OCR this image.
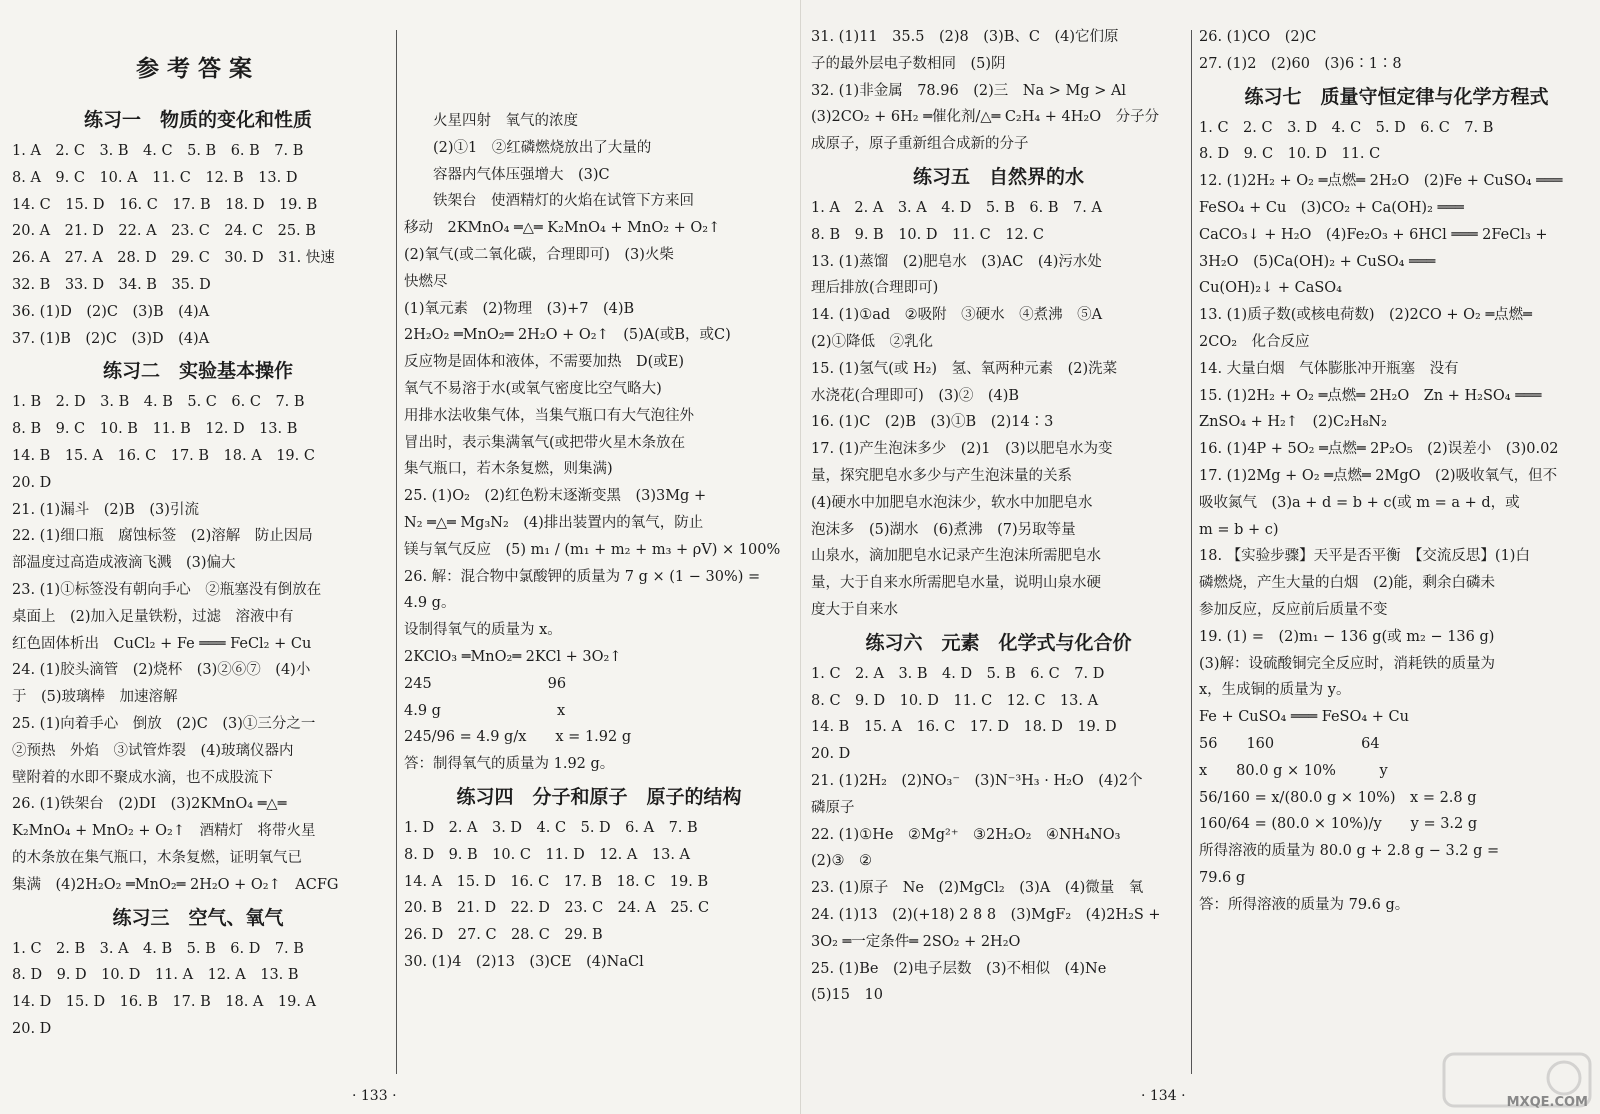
参考答案
练习一　物质的变化和性质
1. A　2. C　3. B　4. C　5. B　6. B　7. B
8. A　9. C　10. A　11. C　12. B　13. D
14. C　15. D　16. C　17. B　18. D　19. B
20. A　21. D　22. A　23. C　24. C　25. B
26. A　27. A　28. D　29. C　30. D　31. 快速
32. B　33. D　34. B　35. D
36. (1)D　(2)C　(3)B　(4)A
37. (1)B　(2)C　(3)D　(4)A
练习二　实验基本操作
1. B　2. D　3. B　4. B　5. C　6. C　7. B
8. B　9. C　10. B　11. B　12. D　13. B
14. B　15. A　16. C　17. B　18. A　19. C
20. D
21. (1)漏斗　(2)B　(3)引流
22. (1)细口瓶　腐蚀标签　(2)溶解　防止因局
部温度过高造成液滴飞溅　(3)偏大
23. (1)①标签没有朝向手心　②瓶塞没有倒放在
桌面上　(2)加入足量铁粉，过滤　溶液中有
红色固体析出　CuCl₂ + Fe ═══ FeCl₂ + Cu
24. (1)胶头滴管　(2)烧杯　(3)②⑥⑦　(4)小
于　(5)玻璃棒　加速溶解
25. (1)向着手心　倒放　(2)C　(3)①三分之一
②预热　外焰　③试管炸裂　(4)玻璃仪器内
壁附着的水即不聚成水滴，也不成股流下
26. (1)铁架台　(2)DI　(3)2KMnO₄ ═△═
K₂MnO₄ + MnO₂ + O₂↑　酒精灯　将带火星
的木条放在集气瓶口，木条复燃，证明氧气已
集满　(4)2H₂O₂ ═MnO₂═ 2H₂O + O₂↑　ACFG
练习三　空气、氧气
1. C　2. B　3. A　4. B　5. B　6. D　7. B
8. D　9. D　10. D　11. A　12. A　13. B
14. D　15. D　16. B　17. B　18. A　19. A
20. D
　　火星四射　氧气的浓度
　　(2)①1　②红磷燃烧放出了大量的
　　容器内气体压强增大　(3)C
　　铁架台　使酒精灯的火焰在试管下方来回
移动　2KMnO₄ ═△═ K₂MnO₄ + MnO₂ + O₂↑
(2)氧气(或二氧化碳，合理即可)　(3)火柴
快燃尽
(1)氧元素　(2)物理　(3)+7　(4)B
2H₂O₂ ═MnO₂═ 2H₂O + O₂↑　(5)A(或B，或C)
反应物是固体和液体，不需要加热　D(或E)
氧气不易溶于水(或氧气密度比空气略大)
用排水法收集气体，当集气瓶口有大气泡往外
冒出时，表示集满氧气(或把带火星木条放在
集气瓶口，若木条复燃，则集满)
25. (1)O₂　(2)红色粉末逐渐变黑　(3)3Mg +
N₂ ═△═ Mg₃N₂　(4)排出装置内的氧气，防止
镁与氧气反应　(5) m₁ / (m₁ + m₂ + m₃ + ρV) × 100%
26. 解：混合物中氯酸钾的质量为 7 g × (1 − 30%) =
4.9 g。
设制得氧气的质量为 x。
2KClO₃ ═MnO₂═ 2KCl + 3O₂↑
245　　　　　　　　96
4.9 g　　　　　　　　x
245/96 = 4.9 g/x　　x = 1.92 g
答：制得氧气的质量为 1.92 g。
练习四　分子和原子　原子的结构
1. D　2. A　3. D　4. C　5. D　6. A　7. B
8. D　9. B　10. C　11. D　12. A　13. A
14. A　15. D　16. C　17. B　18. C　19. B
20. B　21. D　22. D　23. C　24. A　25. C
26. D　27. C　28. C　29. B
30. (1)4　(2)13　(3)CE　(4)NaCl
· 133 ·
31. (1)11　35.5　(2)8　(3)B、C　(4)它们原
子的最外层电子数相同　(5)阴
32. (1)非金属　78.96　(2)三　Na > Mg > Al
(3)2CO₂ + 6H₂ ═催化剂/△═ C₂H₄ + 4H₂O　分子分
成原子，原子重新组合成新的分子
练习五　自然界的水
1. A　2. A　3. A　4. D　5. B　6. B　7. A
8. B　9. B　10. D　11. C　12. C
13. (1)蒸馏　(2)肥皂水　(3)AC　(4)污水处
理后排放(合理即可)
14. (1)①ad　②吸附　③硬水　④煮沸　⑤A
(2)①降低　②乳化
15. (1)氢气(或 H₂)　氢、氧两种元素　(2)洗菜
水浇花(合理即可)　(3)②　(4)B
16. (1)C　(2)B　(3)①B　(2)14∶3
17. (1)产生泡沫多少　(2)1　(3)以肥皂水为变
量，探究肥皂水多少与产生泡沫量的关系
(4)硬水中加肥皂水泡沫少，软水中加肥皂水
泡沫多　(5)湖水　(6)煮沸　(7)另取等量
山泉水，滴加肥皂水记录产生泡沫所需肥皂水
量，大于自来水所需肥皂水量，说明山泉水硬
度大于自来水
练习六　元素　化学式与化合价
1. C　2. A　3. B　4. D　5. B　6. C　7. D
8. C　9. D　10. D　11. C　12. C　13. A
14. B　15. A　16. C　17. D　18. D　19. D
20. D
21. (1)2H₂　(2)NO₃⁻　(3)N⁻³H₃ · H₂O　(4)2个
磷原子
22. (1)①He　②Mg²⁺　③2H₂O₂　④NH₄NO₃
(2)③　②
23. (1)原子　Ne　(2)MgCl₂　(3)A　(4)微量　氧
24. (1)13　(2)(+18) 2 8 8　(3)MgF₂　(4)2H₂S +
3O₂ ═一定条件═ 2SO₂ + 2H₂O
25. (1)Be　(2)电子层数　(3)不相似　(4)Ne
(5)15　10
26. (1)CO　(2)C
27. (1)2　(2)60　(3)6∶1∶8
练习七　质量守恒定律与化学方程式
1. C　2. C　3. D　4. C　5. D　6. C　7. B
8. D　9. C　10. D　11. C
12. (1)2H₂ + O₂ ═点燃═ 2H₂O　(2)Fe + CuSO₄ ═══
FeSO₄ + Cu　(3)CO₂ + Ca(OH)₂ ═══
CaCO₃↓ + H₂O　(4)Fe₂O₃ + 6HCl ═══ 2FeCl₃ +
3H₂O　(5)Ca(OH)₂ + CuSO₄ ═══
Cu(OH)₂↓ + CaSO₄
13. (1)质子数(或核电荷数)　(2)2CO + O₂ ═点燃═
2CO₂　化合反应
14. 大量白烟　气体膨胀冲开瓶塞　没有
15. (1)2H₂ + O₂ ═点燃═ 2H₂O　Zn + H₂SO₄ ═══
ZnSO₄ + H₂↑　(2)C₂H₈N₂
16. (1)4P + 5O₂ ═点燃═ 2P₂O₅　(2)误差小　(3)0.02
17. (1)2Mg + O₂ ═点燃═ 2MgO　(2)吸收氧气，但不
吸收氮气　(3)a + d = b + c(或 m = a + d，或
m = b + c)
18. 【实验步骤】天平是否平衡　【交流反思】(1)白
磷燃烧，产生大量的白烟　(2)能，剩余白磷未
参加反应，反应前后质量不变
19. (1) =　(2)m₁ − 136 g(或 m₂ − 136 g)
(3)解：设硫酸铜完全反应时，消耗铁的质量为
x，生成铜的质量为 y。
Fe + CuSO₄ ═══ FeSO₄ + Cu
56　　160　　　　　　64
x　　80.0 g × 10%　　　y
56/160 = x/(80.0 g × 10%)　x = 2.8 g
160/64 = (80.0 × 10%)/y　　y = 3.2 g
所得溶液的质量为 80.0 g + 2.8 g − 3.2 g =
79.6 g
答：所得溶液的质量为 79.6 g。
· 134 ·	MXQE.COM
